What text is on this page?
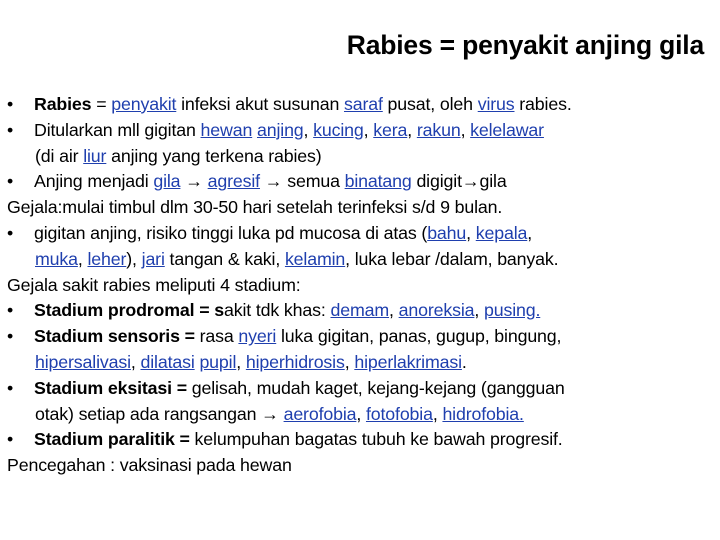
Rabies = penyakit anjing gila
• Rabies = penyakit infeksi akut susunan saraf pusat, oleh virus rabies.
• Ditularkan mll gigitan hewan anjing, kucing, kera, rakun, kelelawar
(di air liur anjing yang terkena rabies)
• Anjing menjadi gila → agresif → semua binatang digigit→gila
Gejala:mulai timbul dlm 30-50 hari setelah terinfeksi s/d 9 bulan.
• gigitan anjing, risiko tinggi luka pd mucosa di atas (bahu, kepala,
muka, leher), jari tangan & kaki, kelamin, luka lebar /dalam, banyak.
Gejala sakit rabies meliputi 4 stadium:
• Stadium prodromal = sakit tdk khas: demam, anoreksia, pusing.
• Stadium sensoris = rasa nyeri luka gigitan, panas, gugup, bingung,
hipersalivasi, dilatasi pupil, hiperhidrosis, hiperlakrimasi.
• Stadium eksitasi = gelisah, mudah kaget, kejang-kejang (gangguan
otak) setiap ada rangsangan → aerofobia, fotofobia, hidrofobia.
• Stadium paralitik = kelumpuhan bagatas tubuh ke bawah progresif.
Pencegahan : vaksinasi pada hewan
